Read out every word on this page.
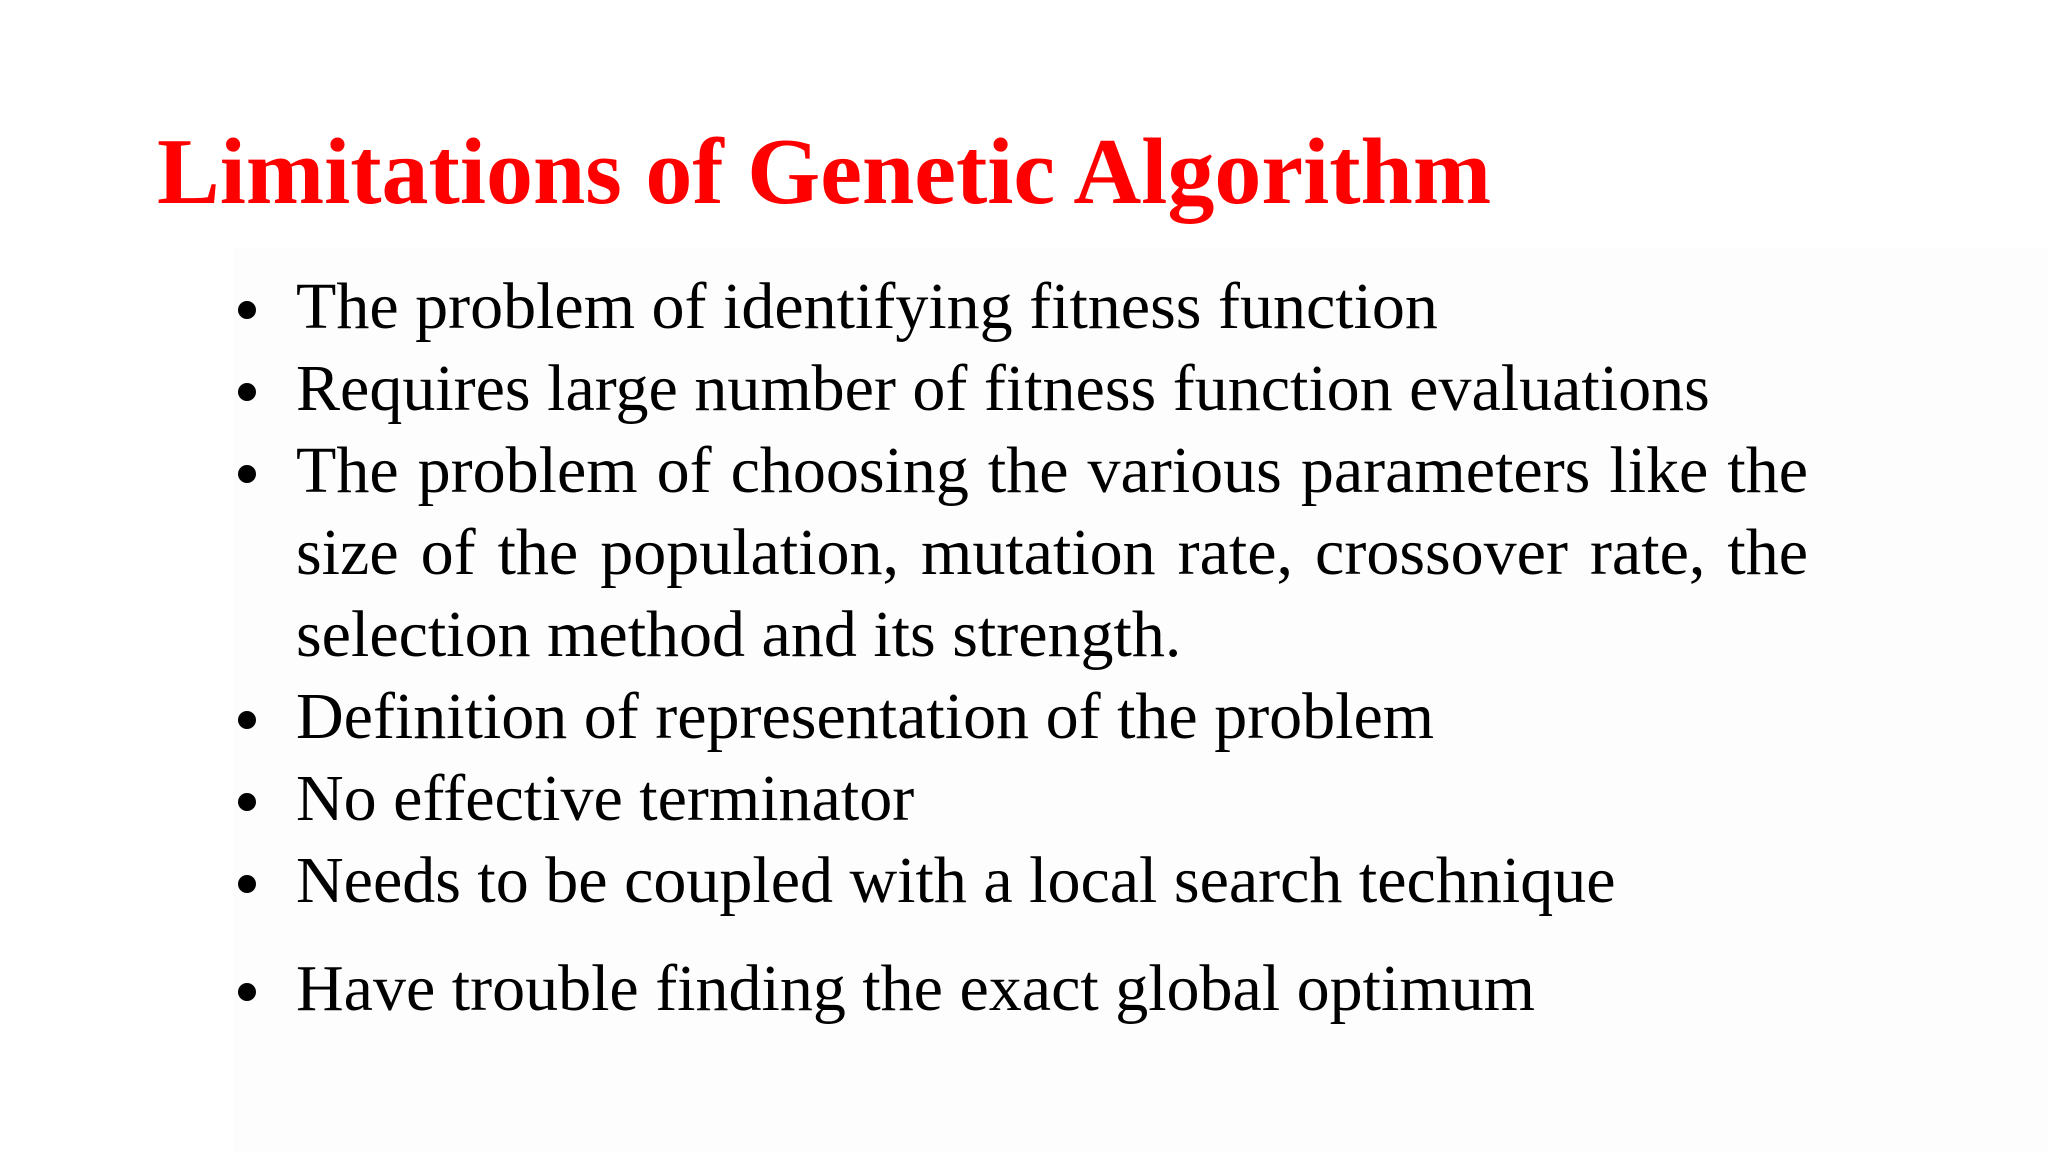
Limitations of Genetic Algorithm
The problem of identifying fitness function
Requires large number of fitness function evaluations
The problem of choosing the various parameters like the size of the population, mutation rate, crossover rate, the selection method and its strength.
Definition of representation of the problem
No effective terminator
Needs to be coupled with a local search technique
Have trouble finding the exact global optimum
